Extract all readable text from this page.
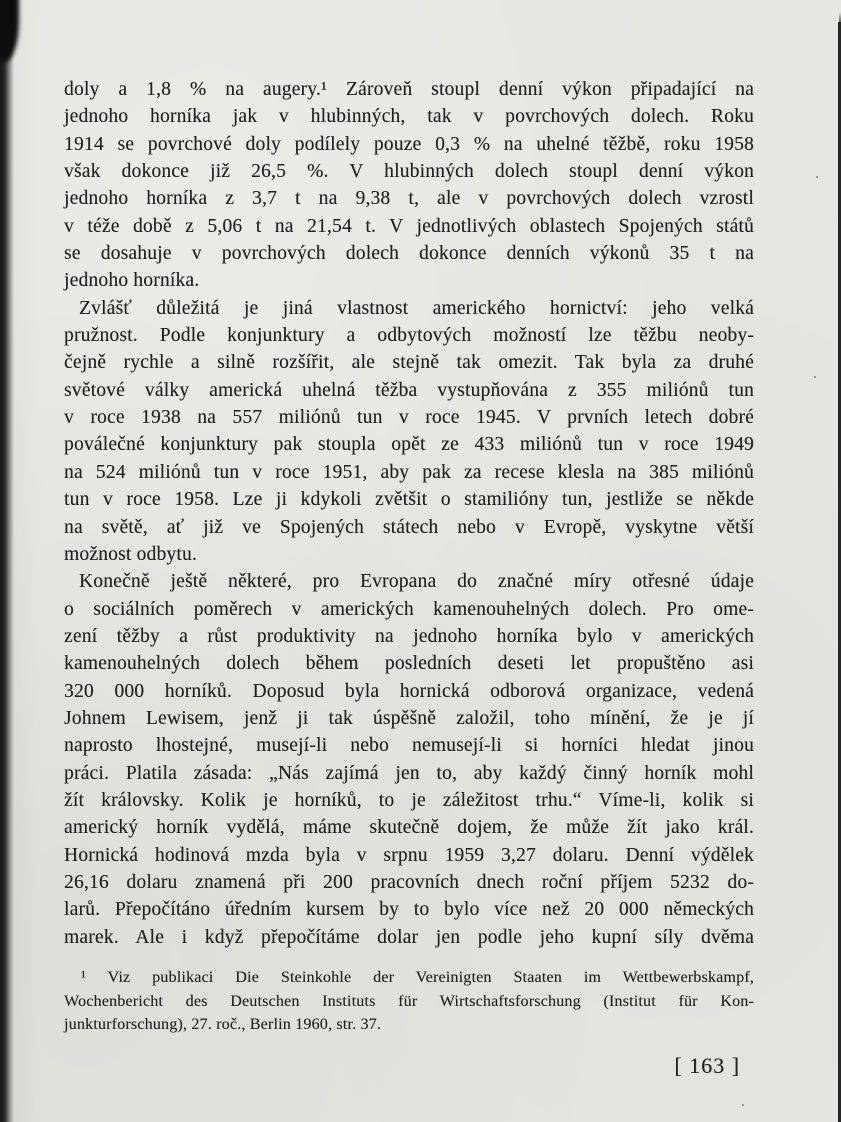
doly a 1,8 % na augery.¹ Zároveň stoupl denní výkon připadající na
jednoho horníka jak v hlubinných, tak v povrchových dolech. Roku
1914 se povrchové doly podílely pouze 0,3 % na uhelné těžbě, roku 1958
však dokonce již 26,5 %. V hlubinných dolech stoupl denní výkon
jednoho horníka z 3,7 t na 9,38 t, ale v povrchových dolech vzrostl
v téže době z 5,06 t na 21,54 t. V jednotlivých oblastech Spojených států
se dosahuje v povrchových dolech dokonce denních výkonů 35 t na
jednoho horníka.
Zvlášť důležitá je jiná vlastnost amerického hornictví: jeho velká
pružnost. Podle konjunktury a odbytových možností lze těžbu neoby-
čejně rychle a silně rozšířit, ale stejně tak omezit. Tak byla za druhé
světové války americká uhelná těžba vystupňována z 355 miliónů tun
v roce 1938 na 557 miliónů tun v roce 1945. V prvních letech dobré
poválečné konjunktury pak stoupla opět ze 433 miliónů tun v roce 1949
na 524 miliónů tun v roce 1951, aby pak za recese klesla na 385 miliónů
tun v roce 1958. Lze ji kdykoli zvětšit o stamilióny tun, jestliže se někde
na světě, ať již ve Spojených státech nebo v Evropě, vyskytne větší
možnost odbytu.
Konečně ještě některé, pro Evropana do značné míry otřesné údaje
o sociálních poměrech v amerických kamenouhelných dolech. Pro ome-
zení těžby a růst produktivity na jednoho horníka bylo v amerických
kamenouhelných dolech během posledních deseti let propuštěno asi
320 000 horníků. Doposud byla hornická odborová organizace, vedená
Johnem Lewisem, jenž ji tak úspěšně založil, toho mínění, že je jí
naprosto lhostejné, musejí-li nebo nemusejí-li si horníci hledat jinou
práci. Platila zásada: „Nás zajímá jen to, aby každý činný horník mohl
žít královsky. Kolik je horníků, to je záležitost trhu.“ Víme-li, kolik si
americký horník vydělá, máme skutečně dojem, že může žít jako král.
Hornická hodinová mzda byla v srpnu 1959 3,27 dolaru. Denní výdělek
26,16 dolaru znamená při 200 pracovních dnech roční příjem 5232 do-
larů. Přepočítáno úředním kursem by to bylo více než 20 000 německých
marek. Ale i když přepočítáme dolar jen podle jeho kupní síly dvěma
¹ Viz publikaci Die Steinkohle der Vereinigten Staaten im Wettbewerbskampf,
Wochenbericht des Deutschen Instituts für Wirtschaftsforschung (Institut für Kon-
junkturforschung), 27. roč., Berlin 1960, str. 37.
[ 163 ]
